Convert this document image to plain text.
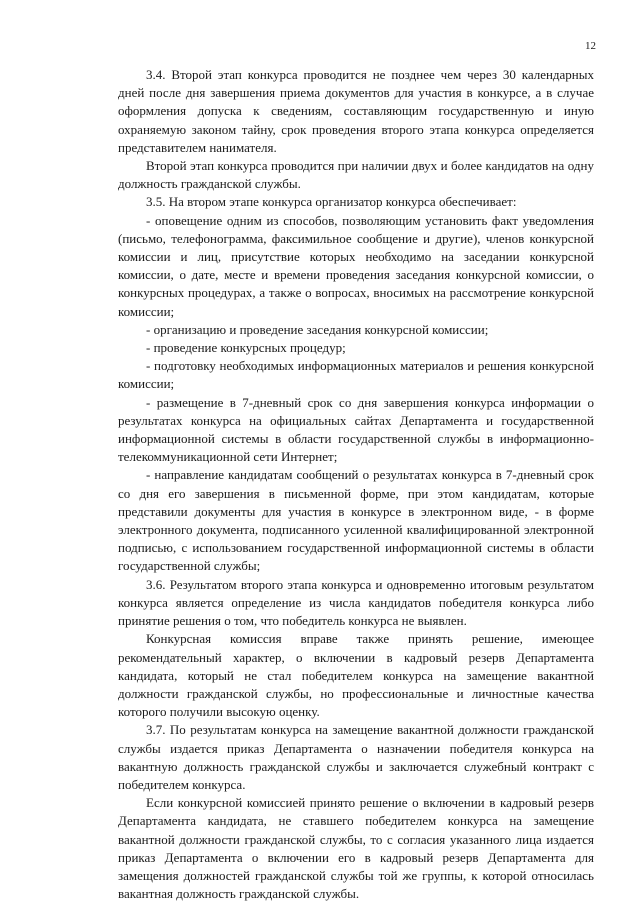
12

3.4. Второй этап конкурса проводится не позднее чем через 30 календарных дней после дня завершения приема документов для участия в конкурсе, а в случае оформления допуска к сведениям, составляющим государственную и иную охраняемую законом тайну, срок проведения второго этапа конкурса определяется представителем нанимателя.

Второй этап конкурса проводится при наличии двух и более кандидатов на одну должность гражданской службы.

3.5. На втором этапе конкурса организатор конкурса обеспечивает:

- оповещение одним из способов, позволяющим установить факт уведомления (письмо, телефонограмма, факсимильное сообщение и другие), членов конкурсной комиссии и лиц, присутствие которых необходимо на заседании конкурсной комиссии, о дате, месте и времени проведения заседания конкурсной комиссии, о конкурсных процедурах, а также о вопросах, вносимых на рассмотрение конкурсной комиссии;

- организацию и проведение заседания конкурсной комиссии;

- проведение конкурсных процедур;

- подготовку необходимых информационных материалов и решения конкурсной комиссии;

- размещение в 7-дневный срок со дня завершения конкурса информации о результатах конкурса на официальных сайтах Департамента и государственной информационной системы в области государственной службы в информационно-телекоммуникационной сети Интернет;

- направление кандидатам сообщений о результатах конкурса в 7-дневный срок со дня его завершения в письменной форме, при этом кандидатам, которые представили документы для участия в конкурсе в электронном виде, - в форме электронного документа, подписанного усиленной квалифицированной электронной подписью, с использованием государственной информационной системы в области государственной службы;

3.6. Результатом второго этапа конкурса и одновременно итоговым результатом конкурса является определение из числа кандидатов победителя конкурса либо принятие решения о том, что победитель конкурса не выявлен.

Конкурсная комиссия вправе также принять решение, имеющее рекомендательный характер, о включении в кадровый резерв Департамента кандидата, который не стал победителем конкурса на замещение вакантной должности гражданской службы, но профессиональные и личностные качества которого получили высокую оценку.

3.7. По результатам конкурса на замещение вакантной должности гражданской службы издается приказ Департамента о назначении победителя конкурса на вакантную должность гражданской службы и заключается служебный контракт с победителем конкурса.

Если конкурсной комиссией принято решение о включении в кадровый резерв Департамента кандидата, не ставшего победителем конкурса на замещение вакантной должности гражданской службы, то с согласия указанного лица издается приказ Департамента о включении его в кадровый резерв Департамента для замещения должностей гражданской службы той же группы, к которой относилась вакантная должность гражданской службы.
